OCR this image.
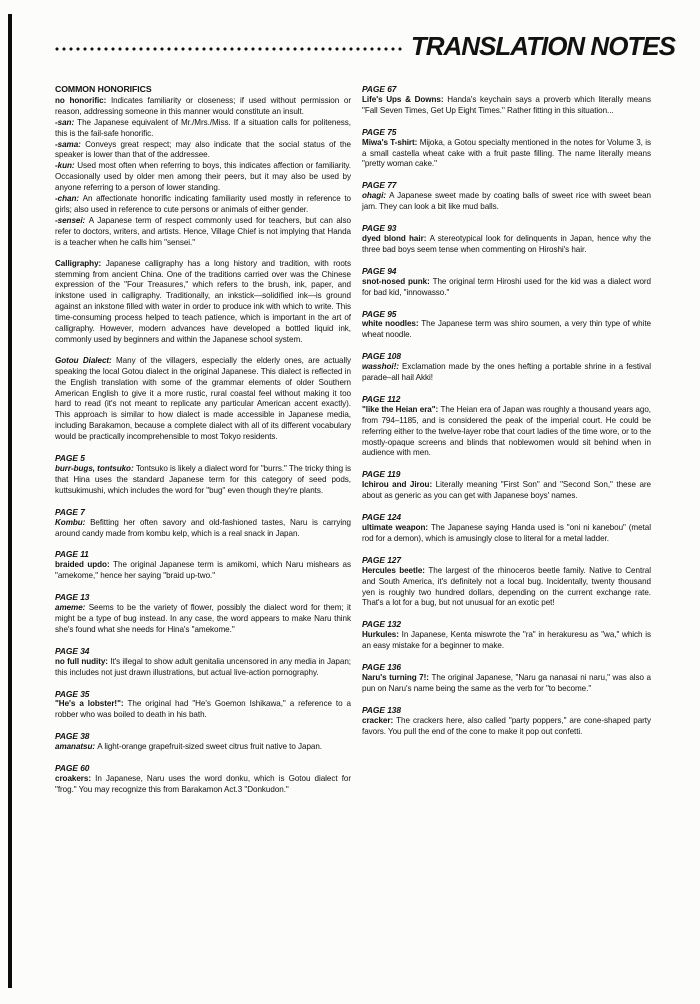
TRANSLATION NOTES

COMMON HONORIFICS

no honorific: Indicates familiarity or closeness; if used without permission or reason, addressing someone in this manner would constitute an insult.

-san: The Japanese equivalent of Mr./Mrs./Miss. If a situation calls for politeness, this is the fail-safe honorific.

-sama: Conveys great respect; may also indicate that the social status of the speaker is lower than that of the addressee.

-kun: Used most often when referring to boys, this indicates affection or familiarity. Occasionally used by older men among their peers, but it may also be used by anyone referring to a person of lower standing.

-chan: An affectionate honorific indicating familiarity used mostly in reference to girls; also used in reference to cute persons or animals of either gender.

-sensei: A Japanese term of respect commonly used for teachers, but can also refer to doctors, writers, and artists. Hence, Village Chief is not implying that Handa is a teacher when he calls him "sensei."

Calligraphy: Japanese calligraphy has a long history and tradition, with roots stemming from ancient China. One of the traditions carried over was the Chinese expression of the "Four Treasures," which refers to the brush, ink, paper, and inkstone used in calligraphy. Traditionally, an inkstick—solidified ink—is ground against an inkstone filled with water in order to produce ink with which to write. This time-consuming process helped to teach patience, which is important in the art of calligraphy. However, modern advances have developed a bottled liquid ink, commonly used by beginners and within the Japanese school system.

Gotou Dialect: Many of the villagers, especially the elderly ones, are actually speaking the local Gotou dialect in the original Japanese. This dialect is reflected in the English translation with some of the grammar elements of older Southern American English to give it a more rustic, rural coastal feel without making it too hard to read (it's not meant to replicate any particular American accent exactly). This approach is similar to how dialect is made accessible in Japanese media, including Barakamon, because a complete dialect with all of its different vocabulary would be practically incomprehensible to most Tokyo residents.

PAGE 5

burr-bugs, tontsuko: Tontsuko is likely a dialect word for "burrs." The tricky thing is that Hina uses the standard Japanese term for this category of seed pods, kuttsukimushi, which includes the word for "bug" even though they're plants.

PAGE 7

Kombu: Befitting her often savory and old-fashioned tastes, Naru is carrying around candy made from kombu kelp, which is a real snack in Japan.

PAGE 11

braided updo: The original Japanese term is amikomi, which Naru mishears as "amekome," hence her saying "braid up-two."

PAGE 13

ameme: Seems to be the variety of flower, possibly the dialect word for them; it might be a type of bug instead. In any case, the word appears to make Naru think she's found what she needs for Hina's "amekome."

PAGE 34

no full nudity: It's illegal to show adult genitalia uncensored in any media in Japan; this includes not just drawn illustrations, but actual live-action pornography.

PAGE 35

"He's a lobster!": The original had "He's Goemon Ishikawa," a reference to a robber who was boiled to death in his bath.

PAGE 38

amanatsu: A light-orange grapefruit-sized sweet citrus fruit native to Japan.

PAGE 60

croakers: In Japanese, Naru uses the word donku, which is Gotou dialect for "frog." You may recognize this from Barakamon Act.3 "Donkudon."

PAGE 67

Life's Ups & Downs: Handa's keychain says a proverb which literally means "Fall Seven Times, Get Up Eight Times." Rather fitting in this situation...

PAGE 75

Miwa's T-shirt: Mijoka, a Gotou specialty mentioned in the notes for Volume 3, is a small castella wheat cake with a fruit paste filling. The name literally means "pretty woman cake."

PAGE 77

ohagi: A Japanese sweet made by coating balls of sweet rice with sweet bean jam. They can look a bit like mud balls.

PAGE 93

dyed blond hair: A stereotypical look for delinquents in Japan, hence why the three bad boys seem tense when commenting on Hiroshi's hair.

PAGE 94

snot-nosed punk: The original term Hiroshi used for the kid was a dialect word for bad kid, "innowasso."

PAGE 95

white noodles: The Japanese term was shiro soumen, a very thin type of white wheat noodle.

PAGE 108

wasshoi!: Exclamation made by the ones hefting a portable shrine in a festival parade–all hail Akki!

PAGE 112

"like the Heian era": The Heian era of Japan was roughly a thousand years ago, from 794–1185, and is considered the peak of the imperial court. He could be referring either to the twelve-layer robe that court ladies of the time wore, or to the mostly-opaque screens and blinds that noblewomen would sit behind when in audience with men.

PAGE 119

Ichirou and Jirou: Literally meaning "First Son" and "Second Son," these are about as generic as you can get with Japanese boys' names.

PAGE 124

ultimate weapon: The Japanese saying Handa used is "oni ni kanebou" (metal rod for a demon), which is amusingly close to literal for a metal ladder.

PAGE 127

Hercules beetle: The largest of the rhinoceros beetle family. Native to Central and South America, it's definitely not a local bug. Incidentally, twenty thousand yen is roughly two hundred dollars, depending on the current exchange rate. That's a lot for a bug, but not unusual for an exotic pet!

PAGE 132

Hurkules: In Japanese, Kenta miswrote the "ra" in herakuresu as "wa," which is an easy mistake for a beginner to make.

PAGE 136

Naru's turning 7!: The original Japanese, "Naru ga nanasai ni naru," was also a pun on Naru's name being the same as the verb for "to become."

PAGE 138

cracker: The crackers here, also called "party poppers," are cone-shaped party favors. You pull the end of the cone to make it pop out confetti.
